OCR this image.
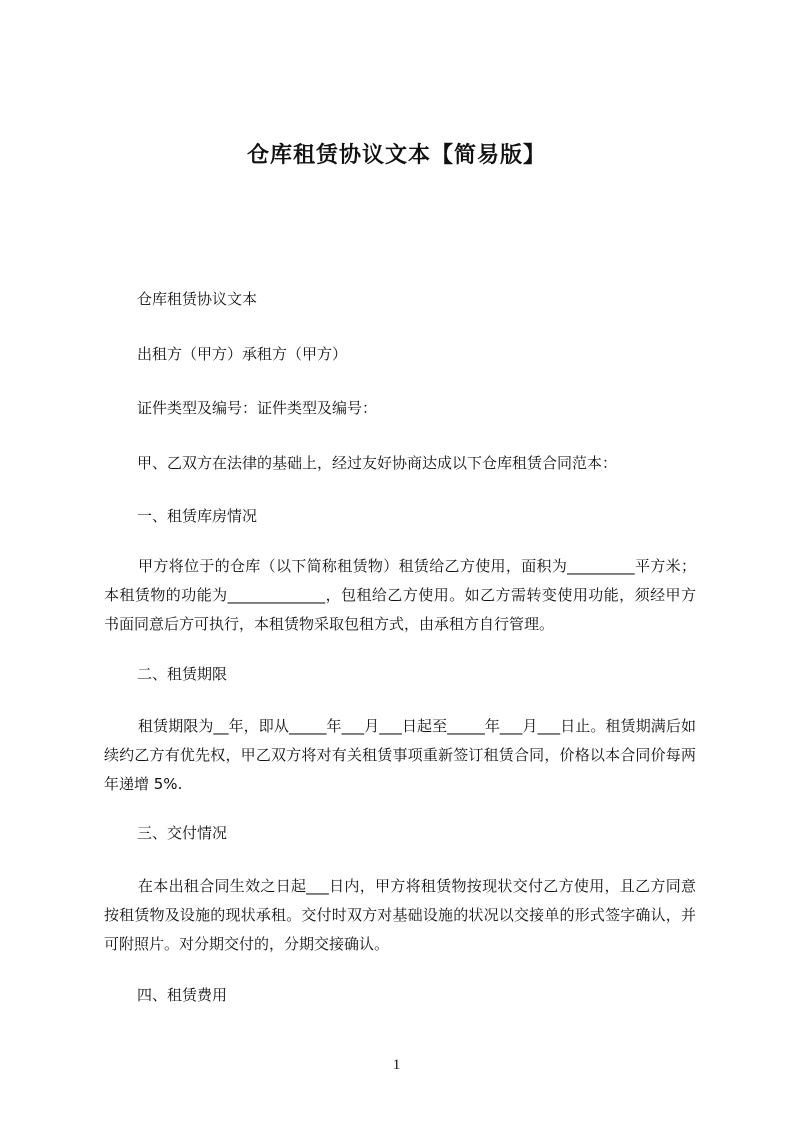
仓库租赁协议文本【简易版】
仓库租赁协议文本
出租方（甲方）承租方（甲方）
证件类型及编号：证件类型及编号：
甲、乙双方在法律的基础上，经过友好协商达成以下仓库租赁合同范本：
一、租赁库房情况
甲方将位于的仓库（以下简称租赁物）租赁给乙方使用，面积为_________平方米；本租赁物的功能为_____________，包租给乙方使用。如乙方需转变使用功能，须经甲方书面同意后方可执行，本租赁物采取包租方式，由承租方自行管理。
二、租赁期限
租赁期限为__年，即从_____年___月___日起至_____年___月___日止。租赁期满后如续约乙方有优先权，甲乙双方将对有关租赁事项重新签订租赁合同，价格以本合同价每两年递增 5%.
三、交付情况
在本出租合同生效之日起___日内，甲方将租赁物按现状交付乙方使用，且乙方同意按租赁物及设施的现状承租。交付时双方对基础设施的状况以交接单的形式签字确认，并可附照片。对分期交付的，分期交接确认。
四、租赁费用
1
